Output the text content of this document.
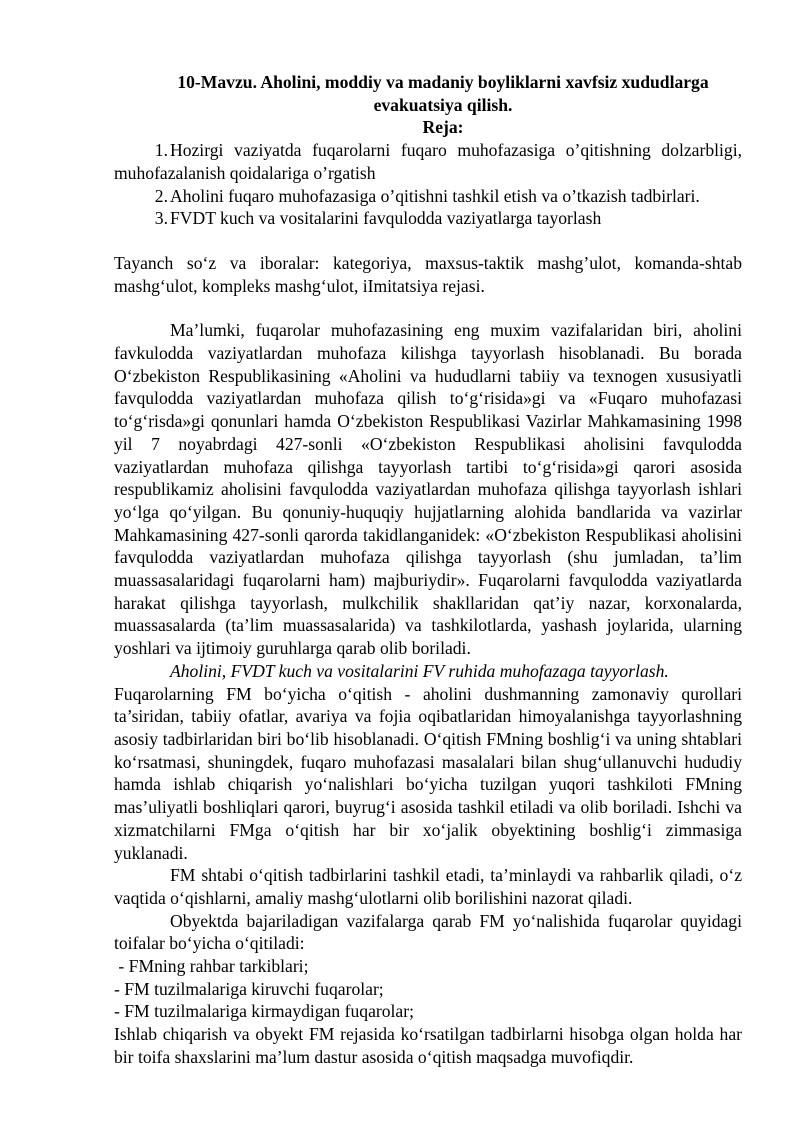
10-Mavzu. Aholini, moddiy va madaniy boyliklarni xavfsiz xududlarga evakuatsiya qilish.

Reja:

1. Hozirgi vaziyatda fuqarolarni fuqaro muhofazasiga o’qitishning dolzarbligi, muhofazalanish qoidalariga o’rgatish
2. Aholini fuqaro muhofazasiga o’qitishni tashkil etish va o’tkazish tadbirlari.
3. FVDT kuch va vositalarini favqulodda vaziyatlarga tayorlash

Tayanch so‘z va iboralar: kategoriya, maxsus-taktik mashg’ulot, komanda-shtab mashg‘ulot, kompleks mashg‘ulot, iImitatsiya rejasi.

Ma’lumki, fuqarolar muhofazasining eng muxim vazifalaridan biri, aholini favkulodda vaziyatlardan muhofaza kilishga tayyorlash hisoblanadi. Bu borada O‘zbekiston Respublikasining «Aholini va hududlarni tabiiy va texnogen xususiyatli favqulodda vaziyatlardan muhofaza qilish to‘g‘risida»gi va «Fuqaro muhofazasi to‘g‘risda»gi qonunlari hamda O‘zbekiston Respublikasi Vazirlar Mahkamasining 1998 yil 7 noyabrdagi 427-sonli «O‘zbekiston Respublikasi aholisini favqulodda vaziyatlardan muhofaza qilishga tayyorlash tartibi to‘g‘risida»gi qarori asosida respublikamiz aholisini favqulodda vaziyatlardan muhofaza qilishga tayyorlash ishlari yo‘lga qo‘yilgan. Bu qonuniy-huquqiy hujjatlarning alohida bandlarida va vazirlar Mahkamasining 427-sonli qarorda takidlanganidek: «O‘zbekiston Respublikasi aholisini favqulodda vaziyatlardan muhofaza qilishga tayyorlash (shu jumladan, ta’lim muassasalaridagi fuqarolarni ham) majburiydir». Fuqarolarni favqulodda vaziyatlarda harakat qilishga tayyorlash, mulkchilik shakllaridan qat’iy nazar, korxonalarda, muassasalarda (ta’lim muassasalarida) va tashkilotlarda, yashash joylarida, ularning yoshlari va ijtimoiy guruhlarga qarab olib boriladi.

Aholini, FVDT kuch va vositalarini FV ruhida muhofazaga tayyorlash.

Fuqarolarning FM bo‘yicha o‘qitish - aholini dushmanning zamonaviy qurollari ta’siridan, tabiiy ofatlar, avariya va fojia oqibatlaridan himoyalanishga tayyorlashning asosiy tadbirlaridan biri bo‘lib hisoblanadi. O‘qitish FMning boshlig‘i va uning shtablari ko‘rsatmasi, shuningdek, fuqaro muhofazasi masalalari bilan shug‘ullanuvchi hududiy hamda ishlab chiqarish yo‘nalishlari bo‘yicha tuzilgan yuqori tashkiloti FMning mas’uliyatli boshliqlari qarori, buyrug‘i asosida tashkil etiladi va olib boriladi. Ishchi va xizmatchilarni FMga o‘qitish har bir xo‘jalik obyektining boshlig‘i zimmasiga yuklanadi.

FM shtabi o‘qitish tadbirlarini tashkil etadi, ta’minlaydi va rahbarlik qiladi, o‘z vaqtida o‘qishlarni, amaliy mashg‘ulotlarni olib borilishini nazorat qiladi.

Obyektda bajariladigan vazifalarga qarab FM yo‘nalishida fuqarolar quyidagi toifalar bo‘yicha o‘qitiladi:

- FMning rahbar tarkiblari;

- FM tuzilmalariga kiruvchi fuqarolar;

- FM tuzilmalariga kirmaydigan fuqarolar;

Ishlab chiqarish va obyekt FM rejasida ko‘rsatilgan tadbirlarni hisobga olgan holda har bir toifa shaxslarini ma’lum dastur asosida o‘qitish maqsadga muvofiqdir.
